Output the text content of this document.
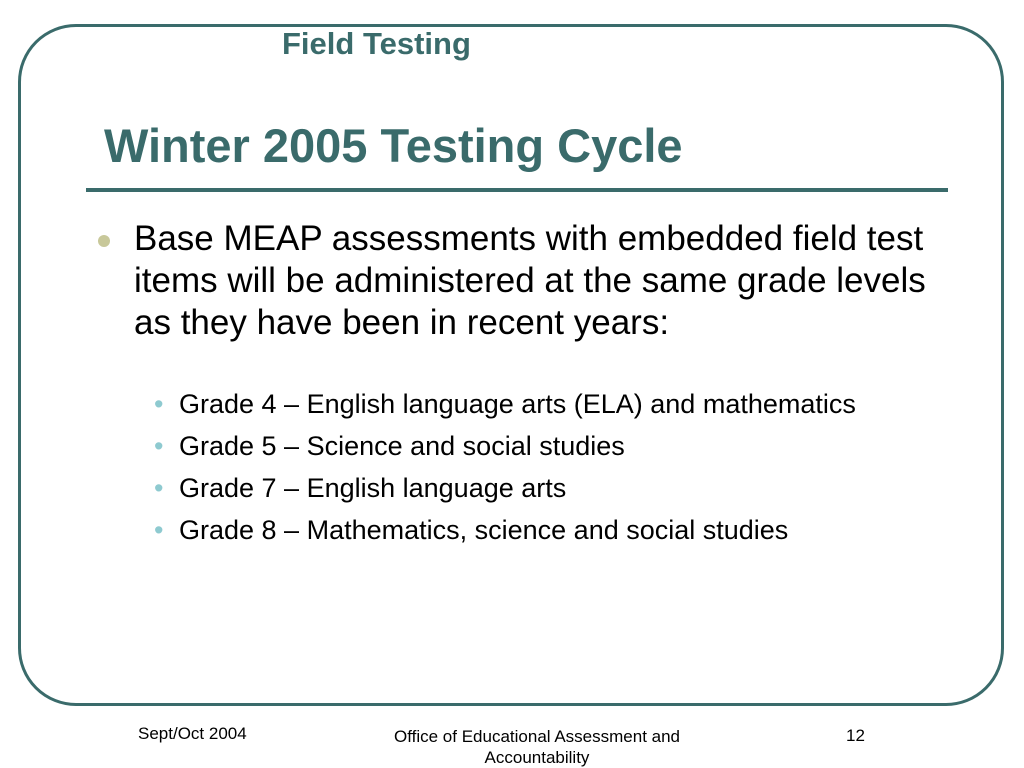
Field Testing
Winter 2005 Testing Cycle
Base MEAP assessments with embedded field test items will be administered at the same grade levels as they have been in recent years:
• Grade 4 – English language arts (ELA) and mathematics
• Grade 5 – Science and social studies
• Grade 7 – English language arts
• Grade 8 – Mathematics, science and social studies
Sept/Oct 2004	Office of Educational Assessment and Accountability
12
